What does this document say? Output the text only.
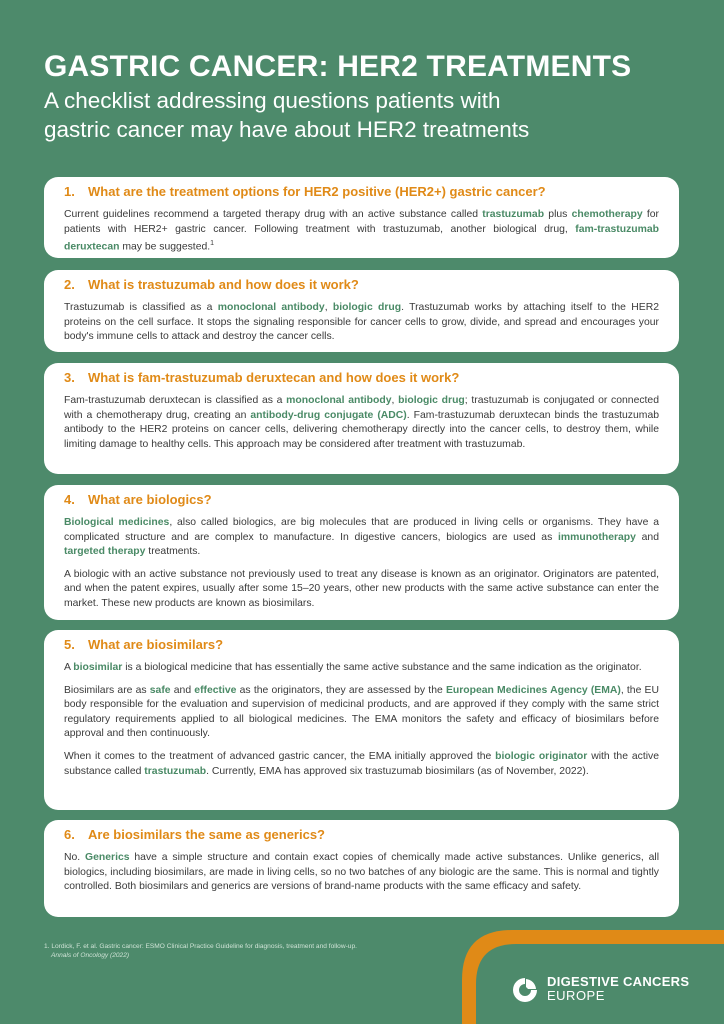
GASTRIC CANCER: HER2 TREATMENTS
A checklist addressing questions patients with
gastric cancer may have about HER2 treatments
1. What are the treatment options for HER2 positive (HER2+) gastric cancer?

Current guidelines recommend a targeted therapy drug with an active substance called trastuzumab plus chemotherapy for patients with HER2+ gastric cancer. Following treatment with trastuzumab, another biological drug, fam-trastuzumab deruxtecan may be suggested.$^1$

2. What is trastuzumab and how does it work?

Trastuzumab is classified as a monoclonal antibody, biologic drug. Trastuzumab works by attaching itself to the HER2 proteins on the cell surface. It stops the signaling responsible for cancer cells to grow, divide, and spread and encourages your body's immune cells to attack and destroy the cancer cells.

3. What is fam-trastuzumab deruxtecan and how does it work?

Fam-trastuzumab deruxtecan is classified as a monoclonal antibody, biologic drug; trastuzumab is conjugated or connected with a chemotherapy drug, creating an antibody-drug conjugate (ADC). Fam-trastuzumab deruxtecan binds the trastuzumab antibody to the HER2 proteins on cancer cells, delivering chemotherapy directly into the cancer cells, to destroy them, while limiting damage to healthy cells. This approach may be considered after treatment with trastuzumab.

4. What are biologics?

Biological medicines, also called biologics, are big molecules that are produced in living cells or organisms. They have a complicated structure and are complex to manufacture. In digestive cancers, biologics are used as immunotherapy and targeted therapy treatments.

A biologic with an active substance not previously used to treat any disease is known as an originator. Originators are patented, and when the patent expires, usually after some 15–20 years, other new products with the same active substance can enter the market. These new products are known as biosimilars.

5. What are biosimilars?

A biosimilar is a biological medicine that has essentially the same active substance and the same indication as the originator.

Biosimilars are as safe and effective as the originators, they are assessed by the European Medicines Agency (EMA), the EU body responsible for the evaluation and supervision of medicinal products, and are approved if they comply with the same strict regulatory requirements applied to all biological medicines. The EMA monitors the safety and efficacy of biosimilars before approval and then continuously.

When it comes to the treatment of advanced gastric cancer, the EMA initially approved the biologic originator with the active substance called trastuzumab. Currently, EMA has approved six trastuzumab biosimilars (as of November, 2022).

6. Are biosimilars the same as generics?

No. Generics have a simple structure and contain exact copies of chemically made active substances. Unlike generics, all biologics, including biosimilars, are made in living cells, so no two batches of any biologic are the same. This is normal and tightly controlled. Both biosimilars and generics are versions of brand-name products with the same efficacy and safety.

1. Lordick, F. et al. Gastric cancer: ESMO Clinical Practice Guideline for diagnosis, treatment and follow-up.
Annals of Oncology (2022)
DIGESTIVE CANCERS
EUROPE
